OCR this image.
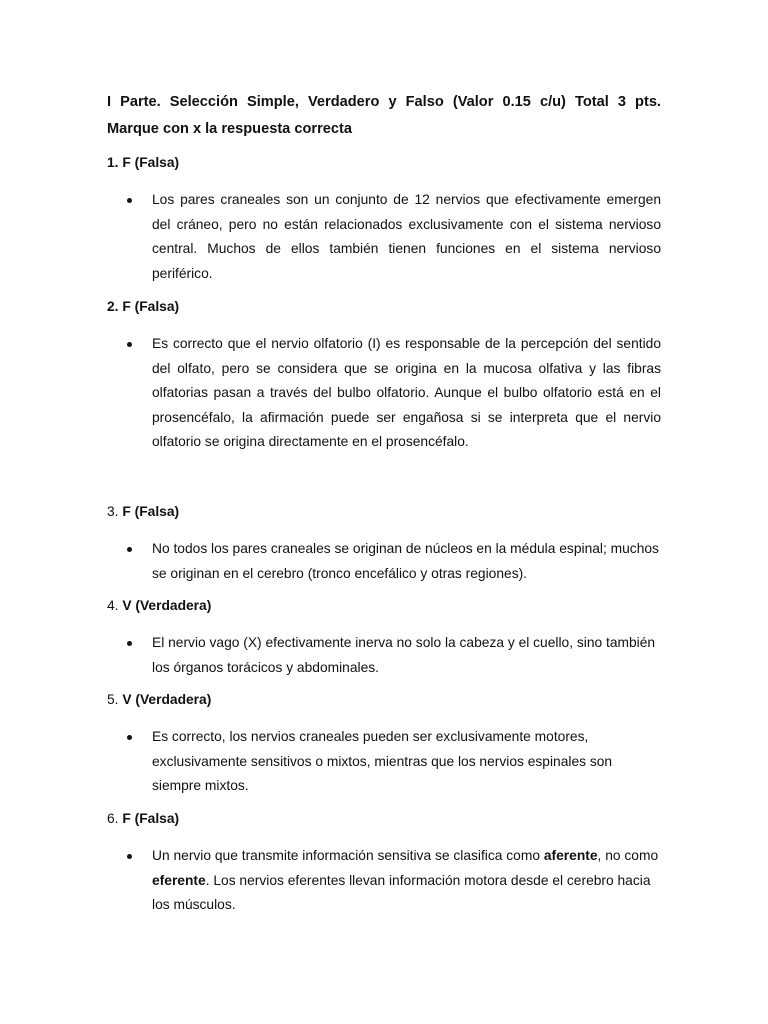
I Parte. Selección Simple, Verdadero y Falso (Valor 0.15 c/u) Total 3 pts.
Marque con x la respuesta correcta
1. F (Falsa)
Los pares craneales son un conjunto de 12 nervios que efectivamente emergen del cráneo, pero no están relacionados exclusivamente con el sistema nervioso central. Muchos de ellos también tienen funciones en el sistema nervioso periférico.
2. F (Falsa)
Es correcto que el nervio olfatorio (I) es responsable de la percepción del sentido del olfato, pero se considera que se origina en la mucosa olfativa y las fibras olfatorias pasan a través del bulbo olfatorio. Aunque el bulbo olfatorio está en el prosencéfalo, la afirmación puede ser engañosa si se interpreta que el nervio olfatorio se origina directamente en el prosencéfalo.
3. F (Falsa)
No todos los pares craneales se originan de núcleos en la médula espinal; muchos se originan en el cerebro (tronco encefálico y otras regiones).
4. V (Verdadera)
El nervio vago (X) efectivamente inerva no solo la cabeza y el cuello, sino también los órganos torácicos y abdominales.
5. V (Verdadera)
Es correcto, los nervios craneales pueden ser exclusivamente motores, exclusivamente sensitivos o mixtos, mientras que los nervios espinales son siempre mixtos.
6. F (Falsa)
Un nervio que transmite información sensitiva se clasifica como aferente, no como eferente. Los nervios eferentes llevan información motora desde el cerebro hacia los músculos.
